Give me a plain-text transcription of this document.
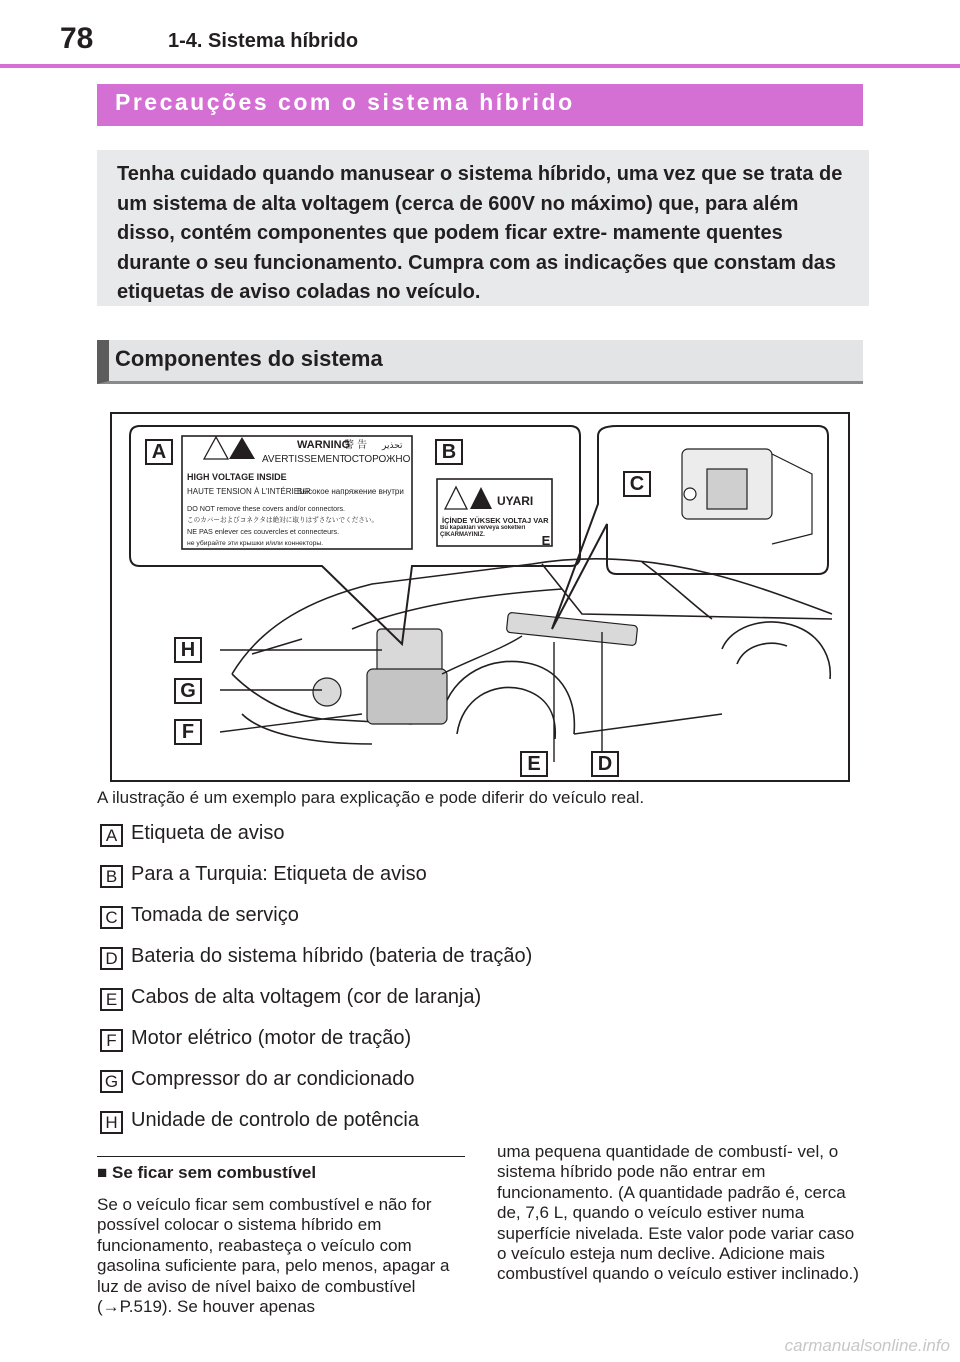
78	1-4. Sistema híbrido
Precauções com o sistema híbrido
Tenha cuidado quando manusear o sistema híbrido, uma vez que se trata de um sistema de alta voltagem (cerca de 600V no máximo) que, para além disso, contém componentes que podem ficar extre- mamente quentes durante o seu funcionamento. Cumpra com as indicações que constam das etiquetas de aviso coladas no veículo.
Componentes do sistema
WARNING
AVERTISSEMENT
警 告
ОСТОРОЖНО
تحذير
HIGH VOLTAGE INSIDE
HAUTE TENSION À L'INTÉRIEUR
Высокое напряжение внутри
DO NOT remove these covers and/or connectors.
このカバーおよびコネクタは絶対に取りはずさないでください。
NE PAS enlever ces couvercles et connecteurs.
не убирайте эти крышки и/или коннекторы.
UYARI
İÇİNDE YÜKSEK VOLTAJ VAR
Bu kapakları ve/veya soketleri ÇIKARMAYINIZ.
A	B
C
D
E
E
F
G
H
A ilustração é um exemplo para explicação e pode diferir do veículo real.
A Etiqueta de aviso
B Para a Turquia: Etiqueta de aviso
C Tomada de serviço
D Bateria do sistema híbrido (bateria de tração)
E Cabos de alta voltagem (cor de laranja)
F Motor elétrico (motor de tração)
G Compressor do ar condicionado
H Unidade de controlo de potência
■ Se ficar sem combustível
Se o veículo ficar sem combustível e não for possível colocar o sistema híbrido em funcionamento, reabasteça o veículo com gasolina suficiente para, pelo menos, apagar a luz de aviso de nível baixo de combustível (→P.519). Se houver apenas
uma pequena quantidade de combustí- vel, o sistema híbrido pode não entrar em funcionamento. (A quantidade padrão é, cerca de, 7,6 L, quando o veículo estiver numa superfície nivelada. Este valor pode variar caso o veículo esteja num declive. Adicione mais combustível quando o veículo estiver inclinado.)
carmanualsonline.info
